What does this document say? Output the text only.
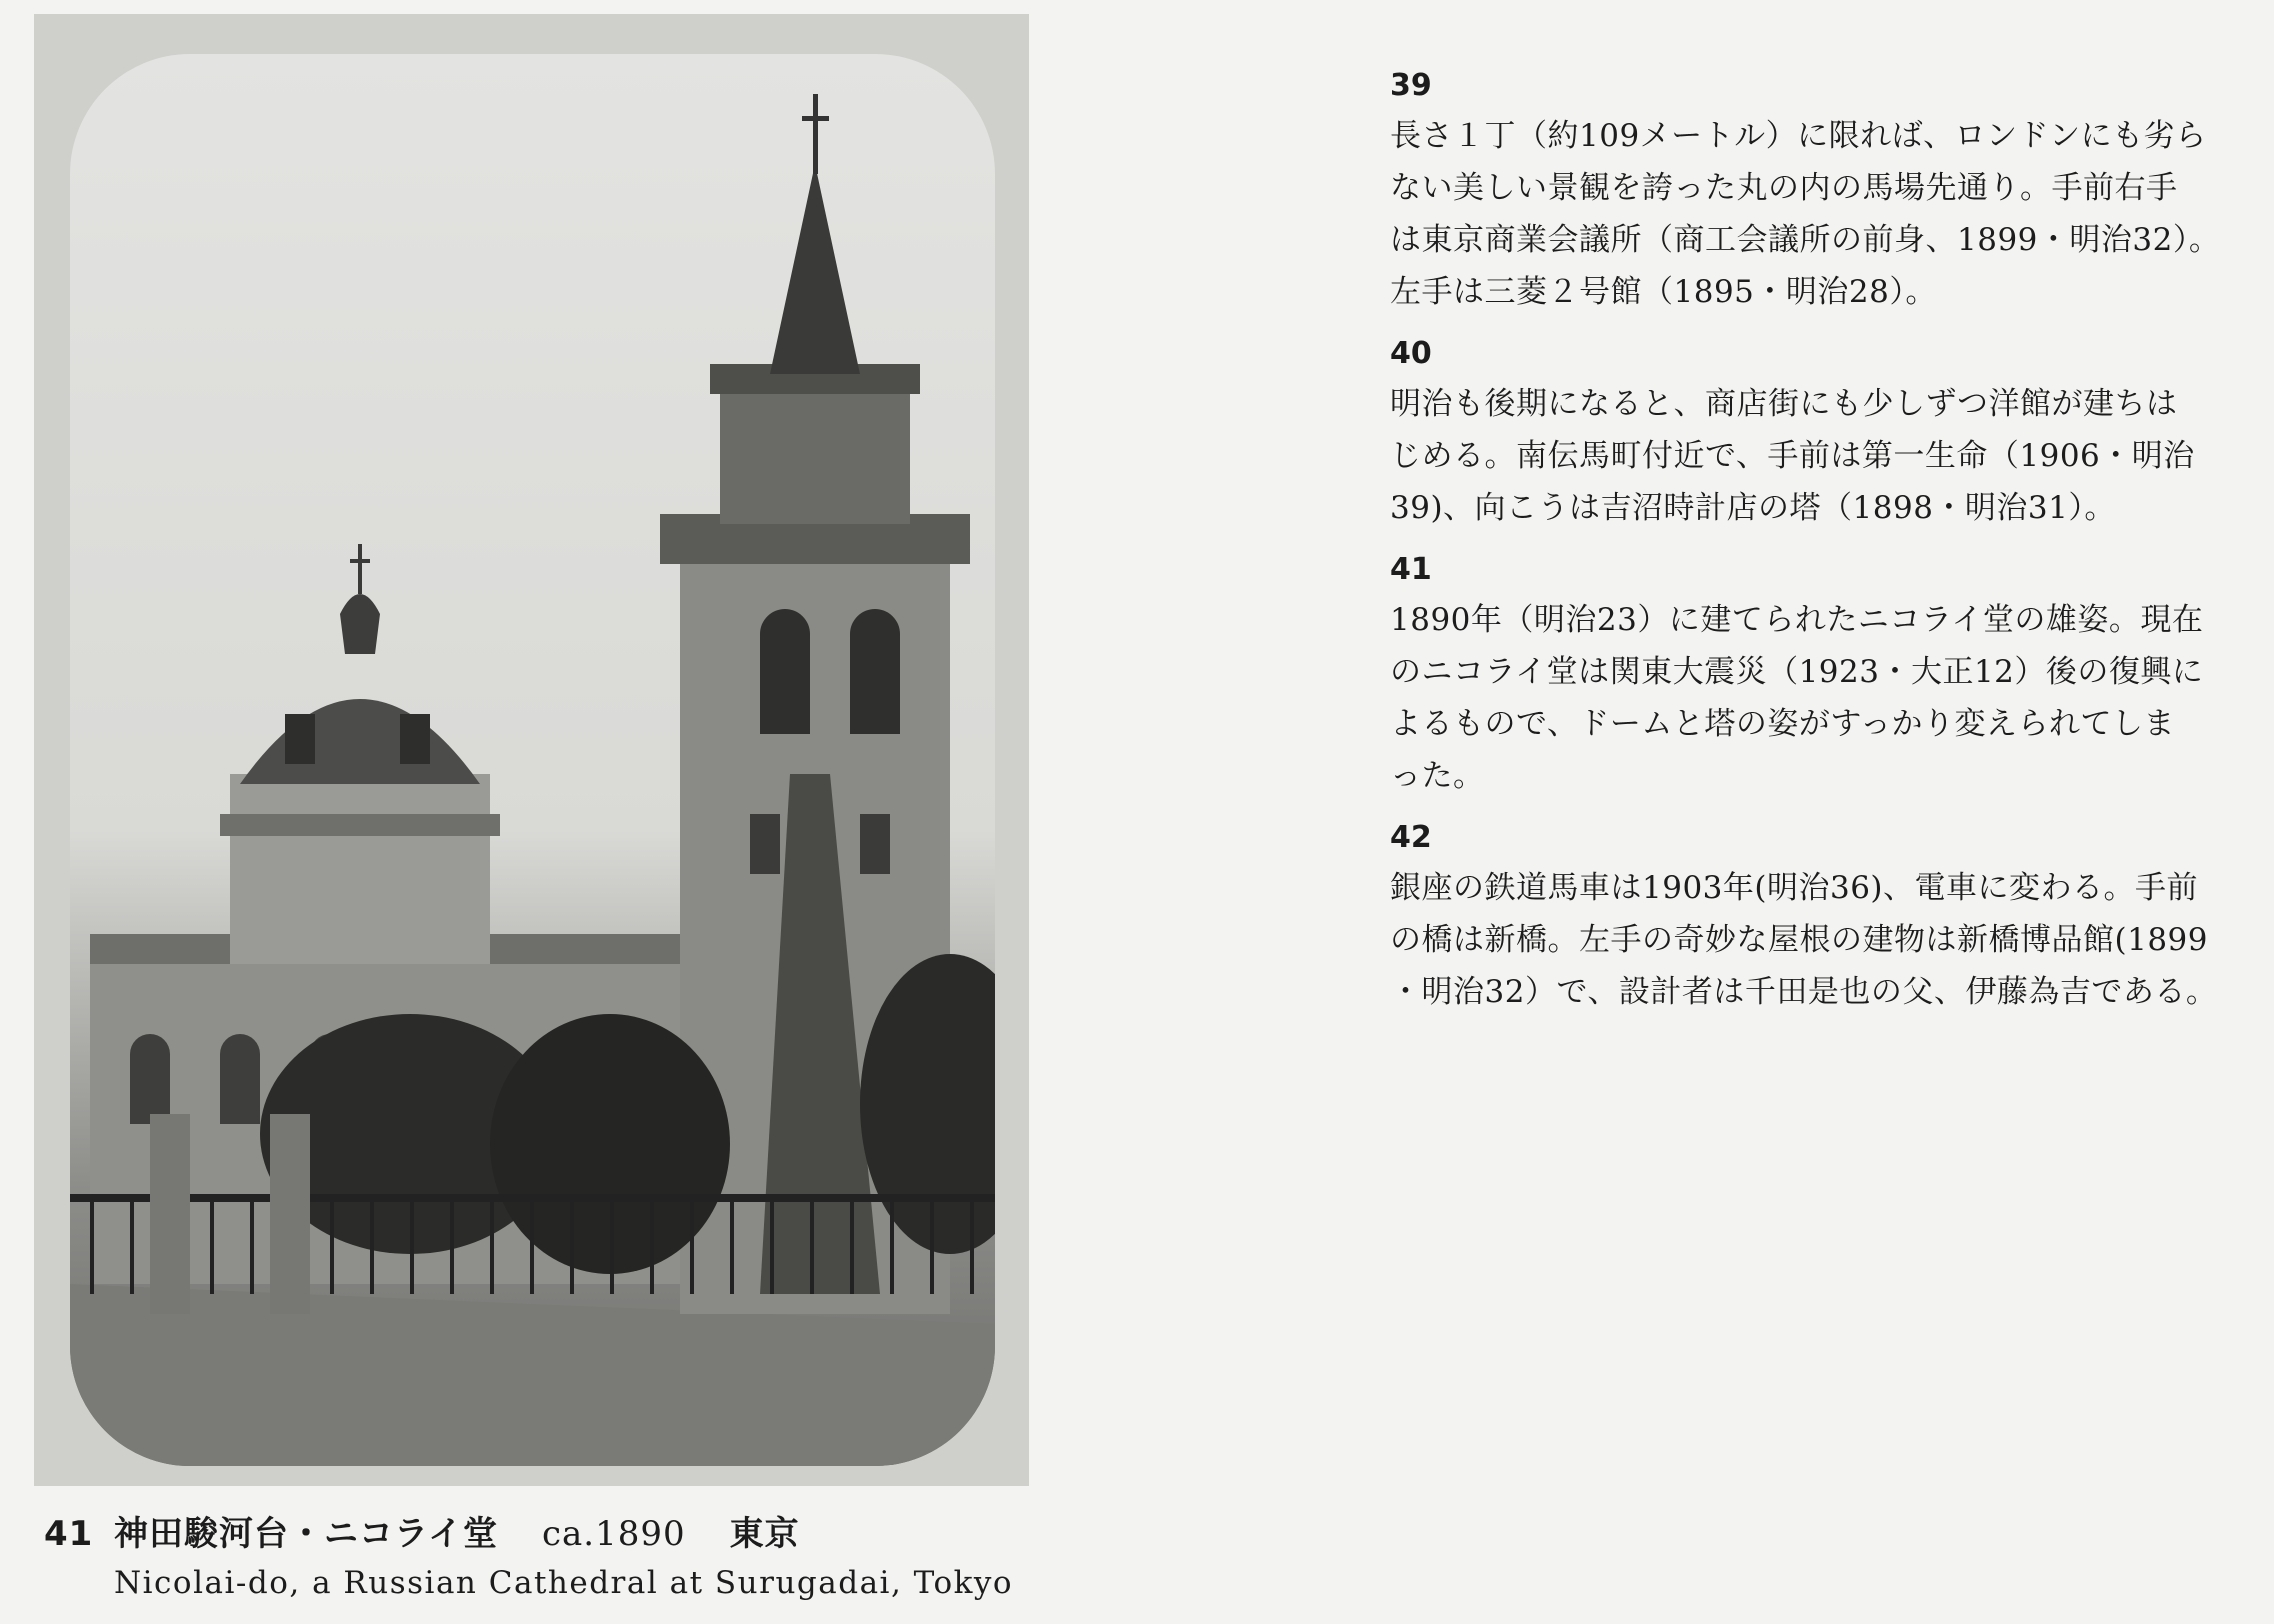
41 神田駿河台・ニコライ堂 ca.1890 東京
Nicolai-do, a Russian Cathedral at Surugadai, Tokyo
39
長さ１丁（約109メートル）に限れば、ロンドンにも劣ら
ない美しい景観を誇った丸の内の馬場先通り。手前右手
は東京商業会議所（商工会議所の前身、1899・明治32）。
左手は三菱２号館（1895・明治28）。
40
明治も後期になると、商店街にも少しずつ洋館が建ちは
じめる。南伝馬町付近で、手前は第一生命（1906・明治
39)、向こうは吉沼時計店の塔（1898・明治31）。
41
1890年（明治23）に建てられたニコライ堂の雄姿。現在
のニコライ堂は関東大震災（1923・大正12）後の復興に
よるもので、ドームと塔の姿がすっかり変えられてしま
った。
42
銀座の鉄道馬車は1903年(明治36)、電車に変わる。手前
の橋は新橋。左手の奇妙な屋根の建物は新橋博品館(1899
・明治32）で、設計者は千田是也の父、伊藤為吉である。
